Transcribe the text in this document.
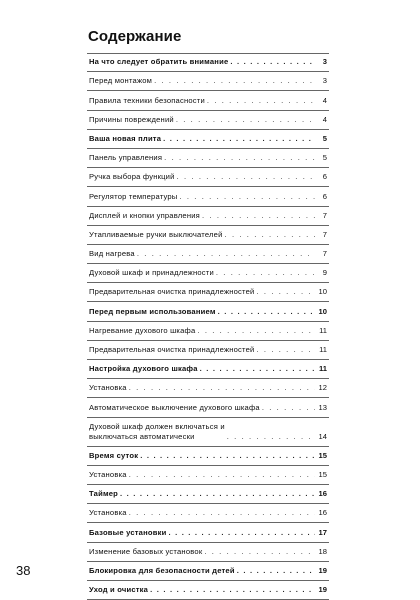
Содержание
На что следует обратить внимание . . .	3
Перед монтажом . . .	3
Правила техники безопасности . . .	4
Причины повреждений . . .	4
Ваша новая плита . . .	5
Панель управления . . .	5
Ручка выбора функций . . .	6
Регулятор температуры . . .	6
Дисплей и кнопки управления . . .	7
Утапливаемые ручки выключателей . . .	7
Вид нагрева . . .	7
Духовой шкаф и принадлежности . . .	9
Предварительная очистка принадлежностей . . .	10
Перед первым использованием . . .	10
Нагревание духового шкафа . . .	11
Предварительная очистка принадлежностей . . .	11
Настройка духового шкафа . . .	11
Установка . . .	12
Автоматическое выключение духового шкафа . . .	13
Духовой шкаф должен включаться и
выключаться автоматически . . .	14
Время суток . . .	15
Установка . . .	15
Таймер . . .	16
Установка . . .	16
Базовые установки . . .	17
Изменение базовых установок . . .	18
Блокировка для безопасности детей . . .	19
Уход и очистка . . .	19
38
